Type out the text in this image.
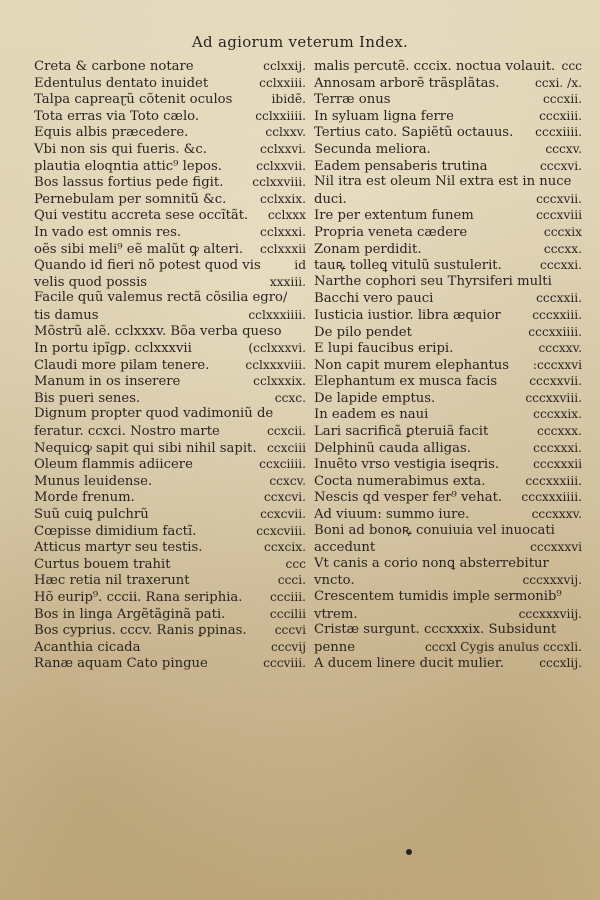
Ad agiorum veterum Index.
Creta & carbone notare	cclxxij.
Edentulus dentato inuidet	cclxxiii.
Talpa capreaɽũ cõtenit oculos	ibidẽ.
Tota erras via Toto cælo.	cclxxiiii.
Equis albis præcedere.	cclxxv.
Vbi non sis qui fueris. &c.	cclxxvi.
plautia eloqntia attic⁹ lepos.	cclxxvii.
Bos lassus fortius pede figit.	cclxxviii.
Pernebulam per somnitũ &c.	cclxxix.
Qui vestitu accreta sese occĩtãt.	cclxxx
In vado est omnis res.	cclxxxi.
oẽs sibi meli⁹ eẽ malũt ꝙ alteri.	cclxxxii
Quando id fieri nõ potest quod vis	id
velis quod possis	xxxiii.
Facile quũ valemus rectã cõsilia egro/
tis damus	cclxxxiiii.
Mõstrũ alẽ. cclxxxv. Bõa verba queso
In portu ipĩgꝑ. cclxxxvii	(cclxxxvi.
Claudi more pilam tenere.	cclxxxviii.
Manum in os inserere	cclxxxix.
Bis pueri senes.	ccxc.
Dignum propter quod vadimoniũ de
feratur. ccxci. Nostro marte	ccxcii.
Nequicꝙ sapit qui sibi nihil sapit. ccxciii
Oleum flammis adiicere	ccxciiii.
Munus leuidense.	ccxcv.
Morde frenum.	ccxcvi.
Suũ cuiꝗ pulchrũ	ccxcvii.
Cœpisse dimidium factĩ.	ccxcviii.
Atticus martyr seu testis.	ccxcix.
Curtus bouem trahit	ccc
Hæc retia nil traxerunt	ccci.
Hõ eurip⁹. cccii. Rana seriphia.	ccciii.
Bos in linga Argẽtãginã pati.	cccilii
Bos cyprius. cccv. Ranis ꝑpinas.	cccvi
Acanthia cicada	cccvij
Ranæ aquam Cato pingue	cccviii.
malis percutẽ. cccix. noctua volauit. ccc
Annosam arborẽ trãsplãtas.	ccxi. /x.
Terræ onus	cccxii.
In syluam ligna ferre	cccxiii.
Tertius cato. Sapiẽtũ octauus.	cccxiiii.
Secunda meliora.	cccxv.
Eadem pensaberis trutina	cccxvi.
Nil itra est oleum Nil extra est in nuce
duci.	cccxvii.
Ire per extentum funem	cccxviii
Propria veneta cædere	cccxix
Zonam perdidit.	cccxx.
tauꝶ tolleꝗ vitulũ sustulerit.	cccxxi.
Narthe cophori seu Thyrsiferi multi
Bacchi vero pauci	cccxxii.
Iusticia iustior. libra æquior	cccxxiii.
De pilo pendet	cccxxiiii.
E lupi faucibus eripi.	cccxxv.
Non capit murem elephantus	:cccxxvi
Elephantum ex musca facis	cccxxvii.
De lapide emptus.	cccxxviii.
In eadem es naui	cccxxix.
Lari sacrificã ꝑteruiã facit	cccxxx.
Delphinũ cauda alligas.	cccxxxi.
Inuẽto vrso vestigia iseqris.	cccxxxii
Cocta numerabimus exta.	cccxxxiii.
Nescis qd vesper fer⁹ vehat.	cccxxxiiii.
Ad viuum: summo iure.	cccxxxv.
Boni ad bonoꝶ conuiuia vel inuocati
accedunt	cccxxxvi
Vt canis a corio nonꝗ absterrebitur
vncto.	cccxxxvij.
Crescentem tumidis imple sermonib⁹
vtrem.	cccxxxviij.
Cristæ surgunt. cccxxxix. Subsidunt
penne	cccxl Cygis anulus cccxli.
A ducem linere ducit mulier.	cccxlij.
